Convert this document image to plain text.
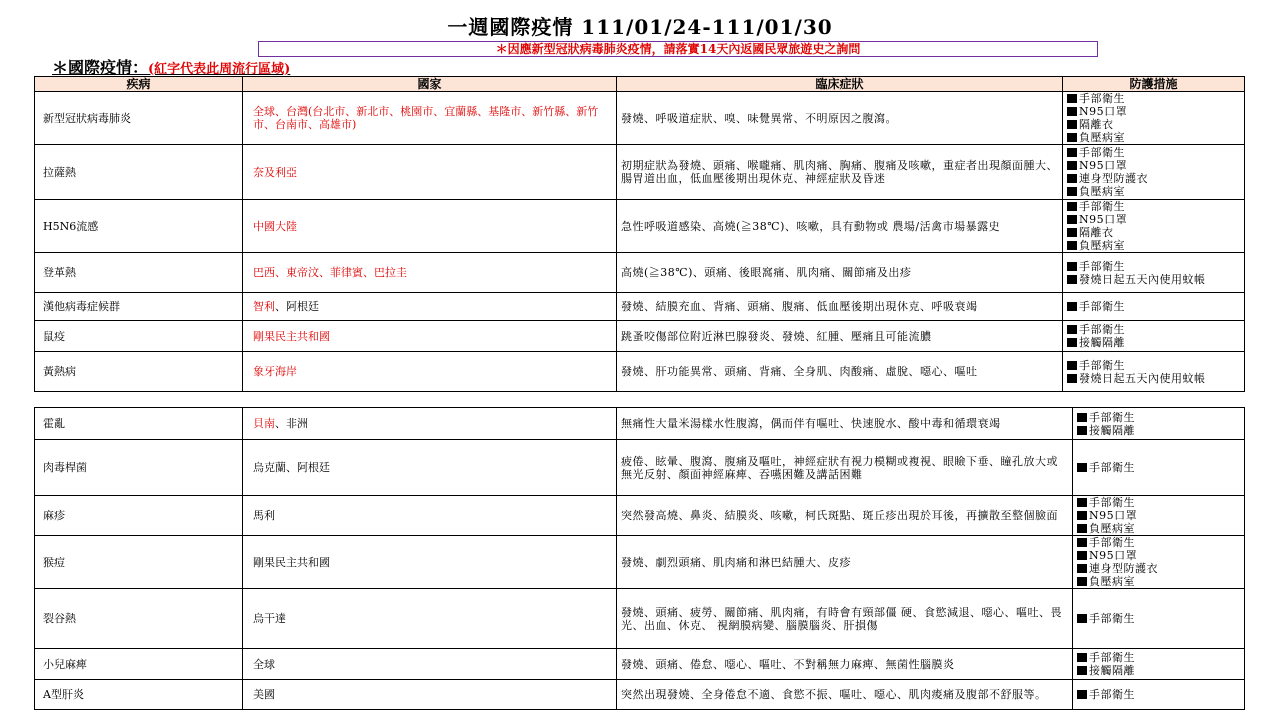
一週國際疫情 111/01/24-111/01/30
＊因應新型冠狀病毒肺炎疫情，請落實14天內返國民眾旅遊史之詢問
＊國際疫情：(紅字代表此周流行區域)
疾病	國家	臨床症狀	防護措施
新型冠狀病毒肺炎	全球、台灣(台北市、新北市、桃園市、宜蘭縣、基隆市、新竹縣、新竹市、台南市、高雄市)	發燒、呼吸道症狀、嗅、味覺異常、不明原因之腹瀉。	手部衛生
N95口罩
隔離衣
負壓病室

拉薩熱	奈及利亞	初期症狀為發燒、頭痛、喉嚨痛、肌肉痛、胸痛、腹痛及咳嗽，重症者出現顏面腫大、腸胃道出血，低血壓後期出現休克、神經症狀及昏迷	手部衛生
N95口罩
連身型防護衣
負壓病室

H5N6流感	中國大陸	急性呼吸道感染、高燒(≧38℃)、咳嗽，具有動物或 農場/活禽市場暴露史	手部衛生
N95口罩
隔離衣
負壓病室

登革熱	巴西、東帝汶、菲律賓、巴拉圭	高燒(≧38℃)、頭痛、後眼窩痛、肌肉痛、關節痛及出疹	手部衛生
發燒日起五天內使用蚊帳

漢他病毒症候群	智利、阿根廷	發燒、結膜充血、背痛、頭痛、腹痛、低血壓後期出現休克、呼吸衰竭	手部衛生

鼠疫	剛果民主共和國	跳蚤咬傷部位附近淋巴腺發炎、發燒、紅腫、壓痛且可能流膿	手部衛生
接觸隔離

黃熱病	象牙海岸	發燒、肝功能異常、頭痛、背痛、全身肌、肉酸痛、虛脫、噁心、嘔吐	手部衛生
發燒日起五天內使用蚊帳
霍亂	貝南、非洲	無痛性大量米湯樣水性腹瀉，偶而伴有嘔吐、快速脫水、酸中毒和循環衰竭	手部衛生
接觸隔離

肉毒桿菌	烏克蘭、阿根廷	疲倦、眩暈、腹瀉、腹痛及嘔吐，神經症狀有視力模糊或複視、眼瞼下垂、瞳孔放大或無光反射、顏面神經麻痺、吞嚥困難及講話困難	手部衛生

麻疹	馬利	突然發高燒、鼻炎、結膜炎、咳嗽，柯氏斑點、斑丘疹出現於耳後，再擴散至整個臉面	手部衛生
N95口罩
負壓病室

猴痘	剛果民主共和國	發燒、劇烈頭痛、肌肉痛和淋巴結腫大、皮疹	手部衛生
N95口罩
連身型防護衣
負壓病室

裂谷熱	烏干達	發燒、頭痛、疲勞、關節痛、肌肉痛，有時會有頸部僵 硬、食慾減退、噁心、嘔吐、畏光、出血、休克、 視網膜病變、腦膜腦炎、肝損傷	手部衛生

小兒麻痺	全球	發燒、頭痛、倦怠、噁心、嘔吐、不對稱無力麻痺、無菌性腦膜炎	手部衛生
接觸隔離

A型肝炎	美國	突然出現發燒、全身倦怠不適、食慾不振、嘔吐、噁心、肌肉痠痛及腹部不舒服等。	手部衛生
